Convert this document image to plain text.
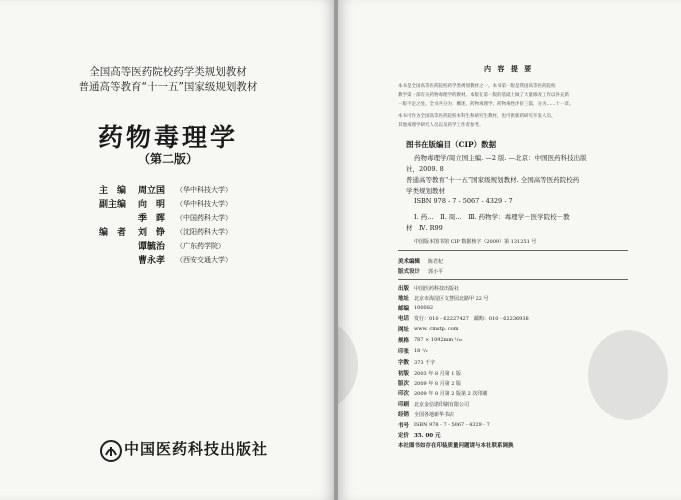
全国高等医药院校药学类规划教材
普通高等教育“十一五”国家级规划教材
药物毒理学
（第二版）
主　编 周立国 （华中科技大学）
副主编 向　明 （华中科技大学）
季　晖 （中国药科大学）
编　者 刘　铮 （沈阳药科大学）
谭毓治 （广东药学院）
曹永孝 （西安交通大学）
中国医药科技出版社
内 容 提 要
本书是全国高等医药院校药学类规划教材之一。本书第一版是我国高等医药院校
教学第一部有关药物毒理学的教材。本版在第一版的基础上做了大量修改工作以补充新
一版不足之处。全书共分为：概述、药物毒理学、药物毒性评价三篇，分为……十一章。
本书可作为全国高等医药院校本科生和研究生教材，也可供新药研究开发人员、
其他毒理学研究人员以及药学工作者参考。
图书在版编目（CIP）数据
药物毒理学/周立国主编. —2 版. —北京：中国医药科技出版
社，2009. 8
普通高等教育“十一五”国家级规划教材. 全国高等医药院校药
学类规划教材
ISBN 978 - 7 - 5067 - 4329 - 7
Ⅰ. 药…　Ⅱ. 周…　Ⅲ. 药物学：毒理学－医学院校－教
材　Ⅳ. R99
中国版本图书馆 CIP 数据核字（2009）第 131251 号
美术编辑 陈君杞
版式设计 郭小平
出版 中国医药科技出版社
地址 北京市海淀区文慧园北路甲 22 号
邮编 100082
电话 发行：010 - 62227427　邮购：010 - 62236938
网址 www. cmstp. com
规格 787 × 1092mm ¹/₁₆
印张 18 ¹/₂
字数 373 千字
初版 2003 年 8 月第 1 版
版次 2009 年 8 月第 2 版
印次 2009 年 8 月第 2 版第 2 次印刷
印刷 北京金信诺印刷有限公司
经销 全国各地新华书店
书号 ISBN 978 - 7 - 5067 - 4329 - 7
定价 35. 00 元
本社图书如存在印装质量问题请与本社联系调换
